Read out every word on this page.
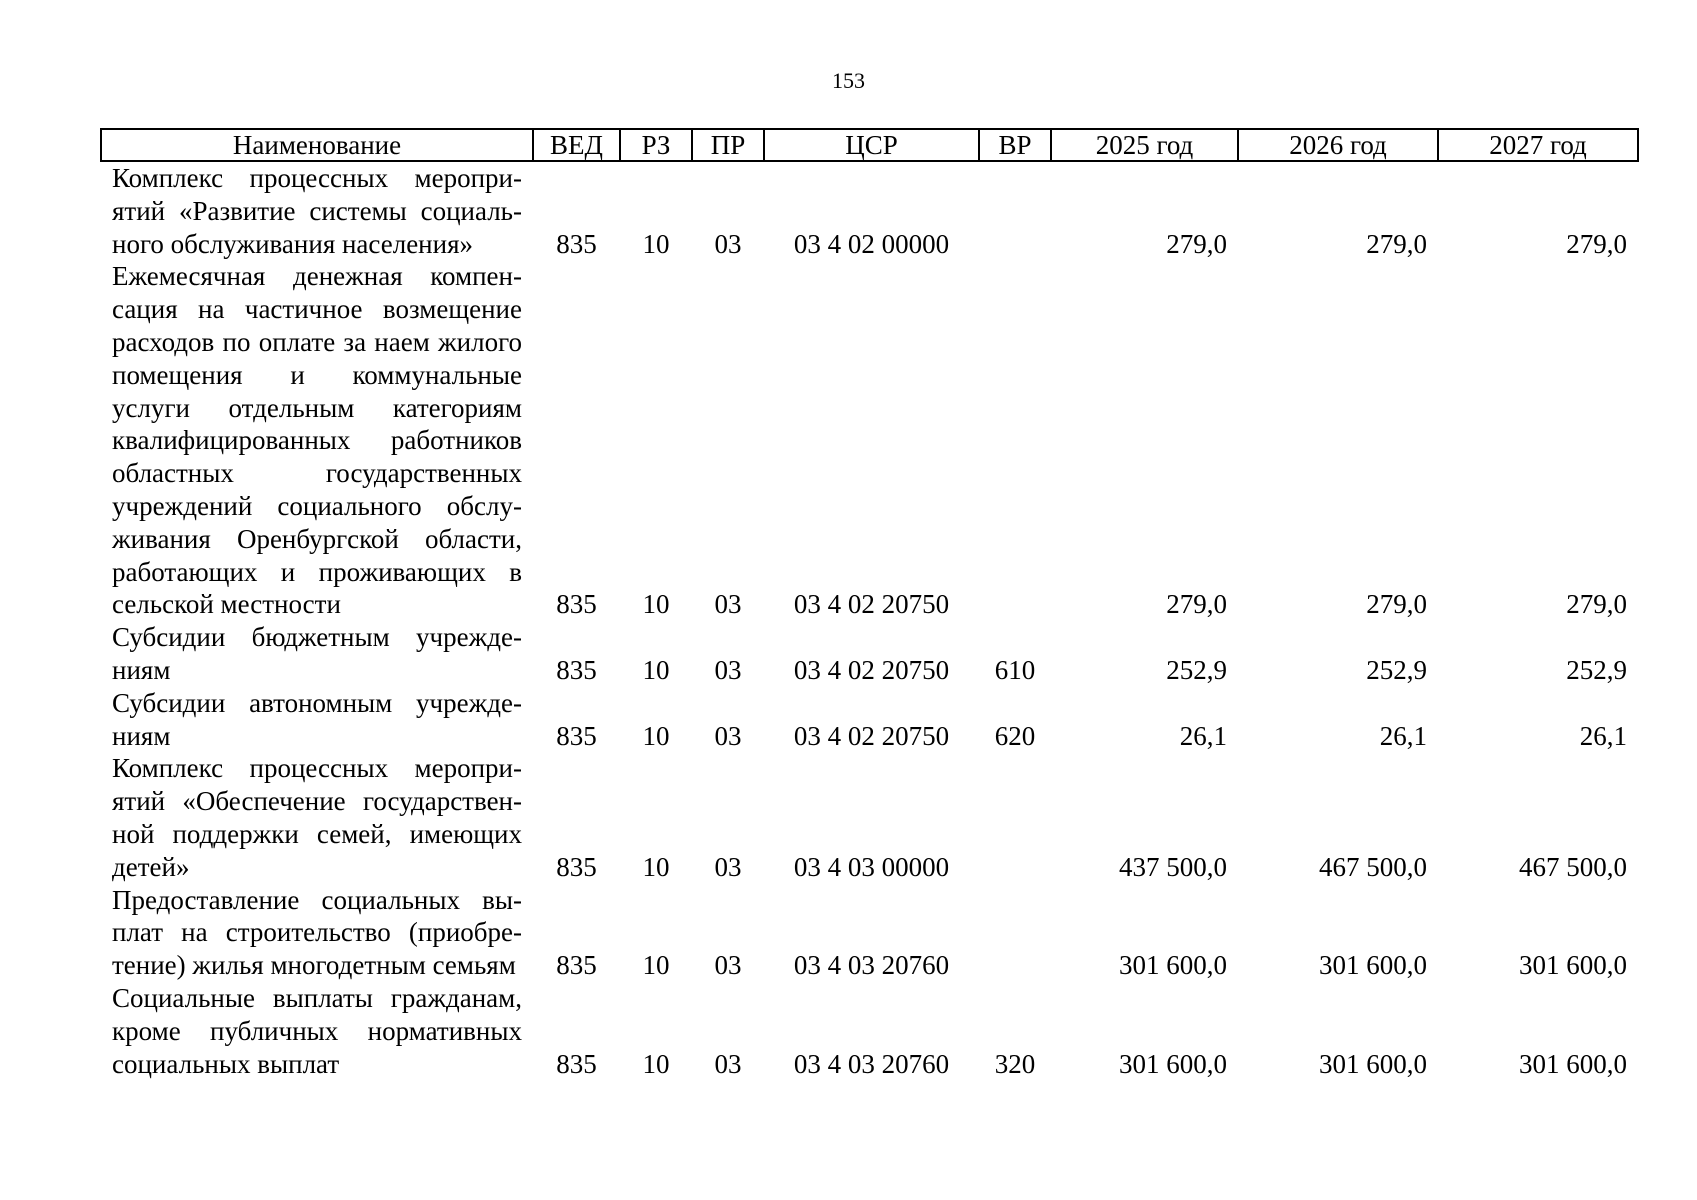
153
Наименование	ВЕД	РЗ	ПР	ЦСР	ВР	2025 год	2026 год	2027 год
Комплекс процессных мероприятий «Развитие системы социального обслуживания населения»	835	10	03	03 4 02 00000		279,0	279,0	279,0
Ежемесячная денежная компенсация на частичное возмещение расходов по оплате за наем жилого помещения и коммунальные услуги отдельным категориям квалифицированных работников областных государственных учреждений социального обслуживания Оренбургской области, работающих и проживающих в сельской местности	835	10	03	03 4 02 20750		279,0	279,0	279,0
Субсидии бюджетным учреждениям	835	10	03	03 4 02 20750	610	252,9	252,9	252,9
Субсидии автономным учреждениям	835	10	03	03 4 02 20750	620	26,1	26,1	26,1
Комплекс процессных мероприятий «Обеспечение государственной поддержки семей, имеющих детей»	835	10	03	03 4 03 00000		437 500,0	467 500,0	467 500,0
Предоставление социальных выплат на строительство (приобретение) жилья многодетным семьям	835	10	03	03 4 03 20760		301 600,0	301 600,0	301 600,0
Социальные выплаты гражданам, кроме публичных нормативных социальных выплат	835	10	03	03 4 03 20760	320	301 600,0	301 600,0	301 600,0
